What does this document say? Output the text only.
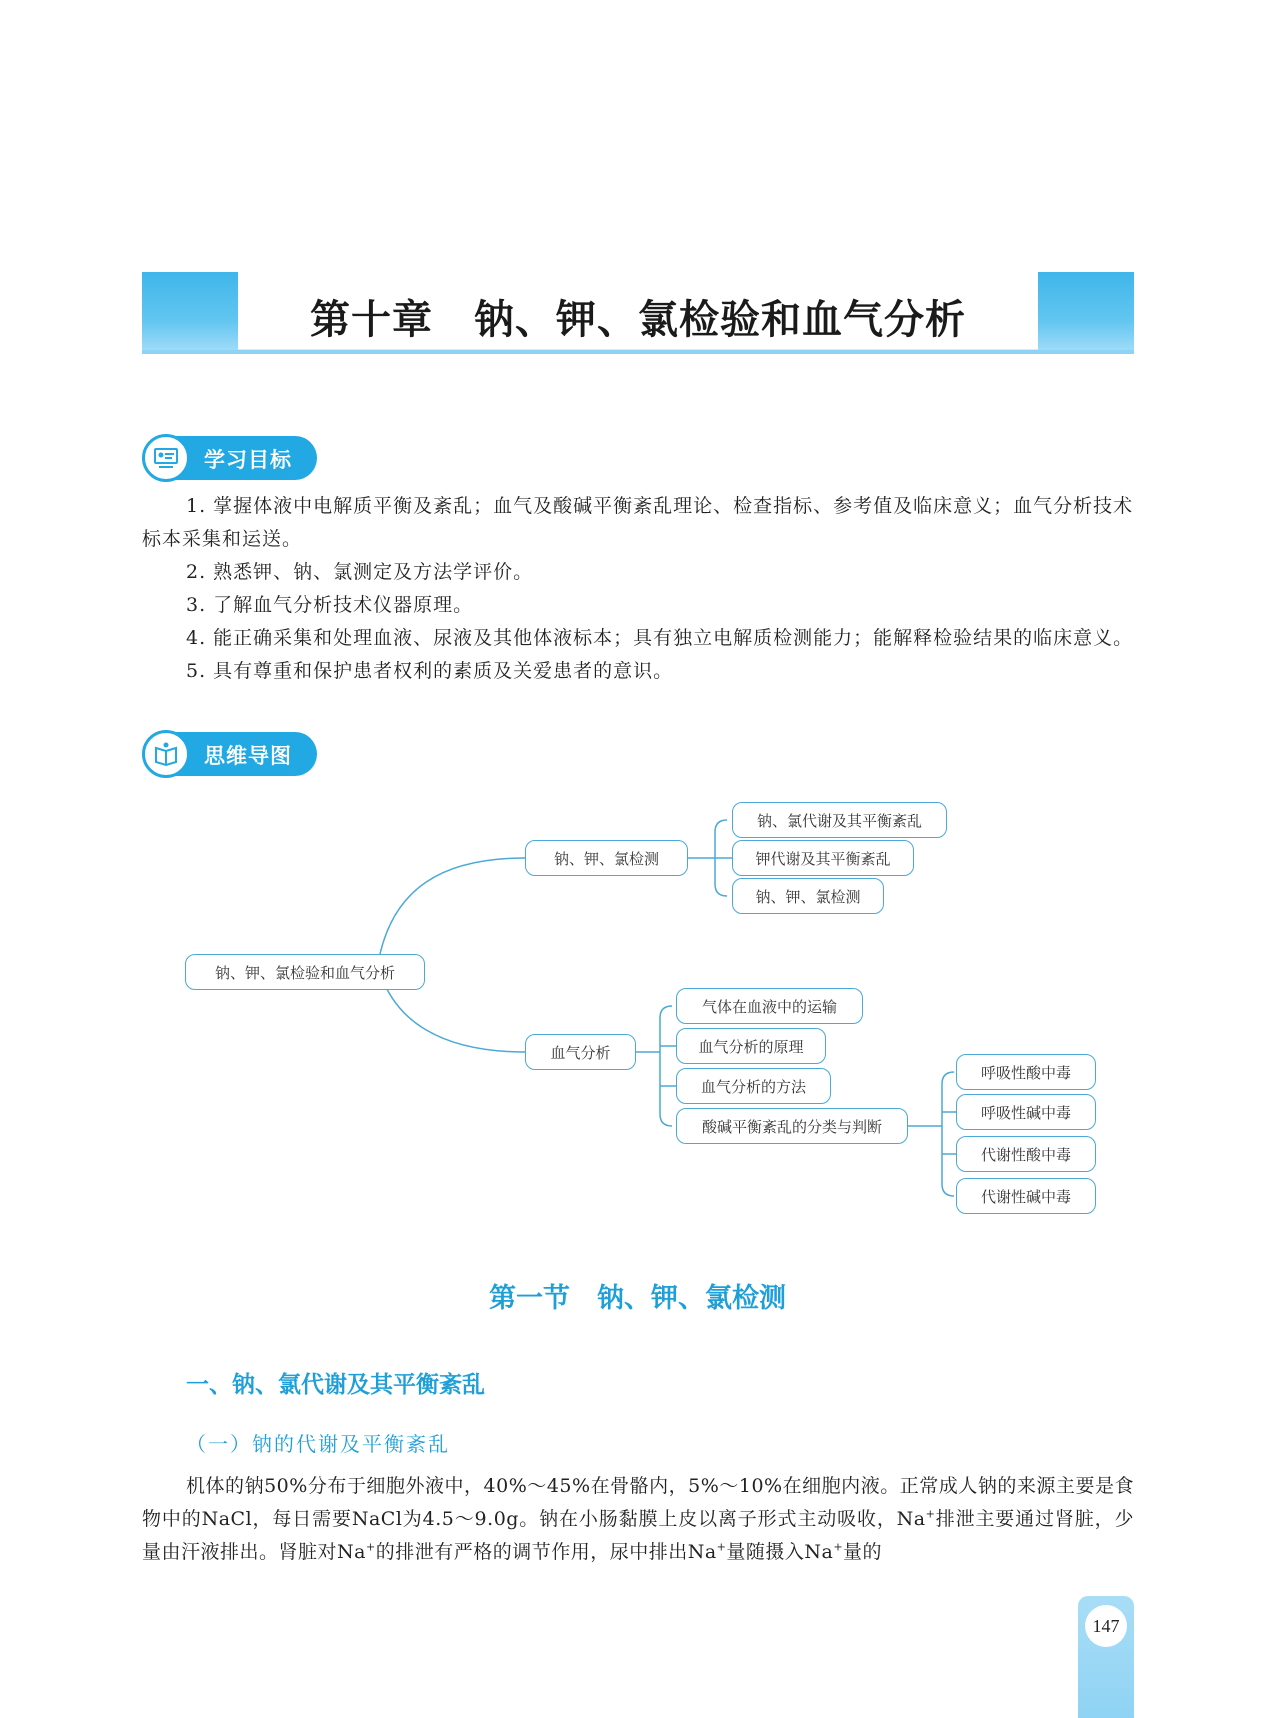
第十章　钠、钾、氯检验和血气分析
学习目标

1. 掌握体液中电解质平衡及紊乱；血气及酸碱平衡紊乱理论、检查指标、参考值及临床意义；血气分析技术标本采集和运送。

2. 熟悉钾、钠、氯测定及方法学评价。

3. 了解血气分析技术仪器原理。

4. 能正确采集和处理血液、尿液及其他体液标本；具有独立电解质检测能力；能解释检验结果的临床意义。

5. 具有尊重和保护患者权利的素质及关爱患者的意识。

思维导图
钠、钾、氯检验和血气分析
钠、钾、氯检测
钠、氯代谢及其平衡紊乱
钾代谢及其平衡紊乱
钠、钾、氯检测
血气分析
气体在血液中的运输
血气分析的原理
血气分析的方法
酸碱平衡紊乱的分类与判断
呼吸性酸中毒
呼吸性碱中毒
代谢性酸中毒
代谢性碱中毒
第一节　钠、钾、氯检测
一、钠、氯代谢及其平衡紊乱
（一）钠的代谢及平衡紊乱

机体的钠50%分布于细胞外液中，40%～45%在骨骼内，5%～10%在细胞内液。正常成人钠的来源主要是食物中的NaCl，每日需要NaCl为4.5～9.0g。钠在小肠黏膜上皮以离子形式主动吸收，Na+排泄主要通过肾脏，少量由汗液排出。肾脏对Na+的排泄有严格的调节作用，尿中排出Na+量随摄入Na+量的

147
